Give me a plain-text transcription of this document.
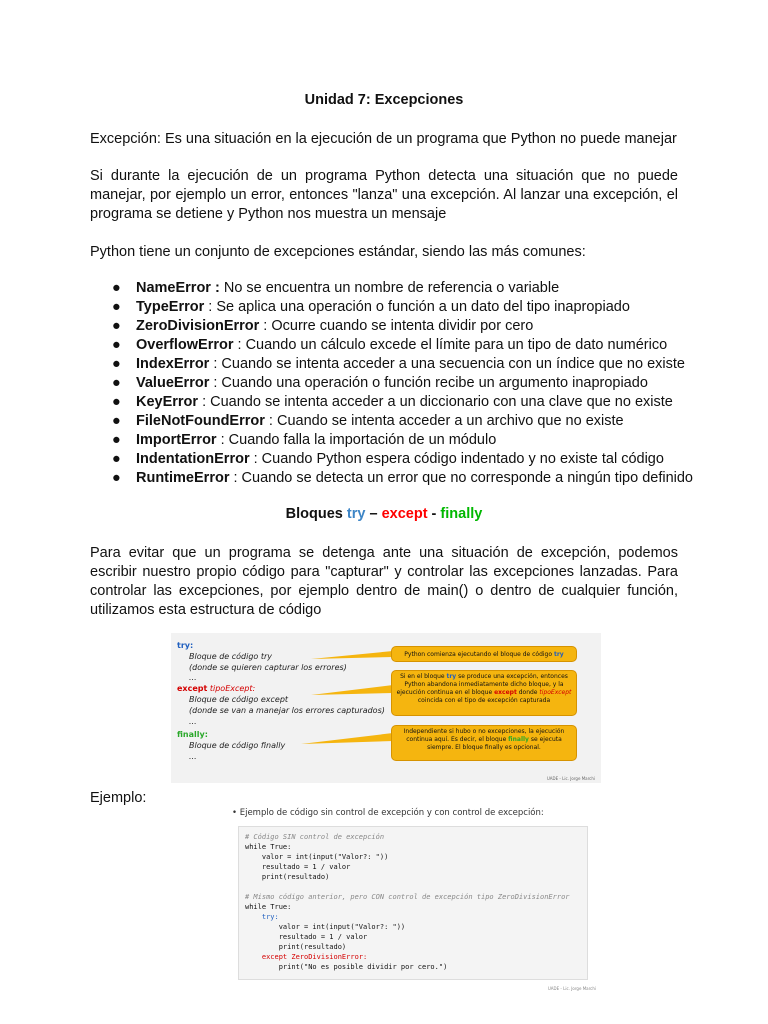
Unidad 7: Excepciones
Excepción: Es una situación en la ejecución de un programa que Python no puede manejar
Si durante la ejecución de un programa Python detecta una situación que no puede manejar, por ejemplo un error, entonces "lanza" una excepción. Al lanzar una excepción, el programa se detiene y Python nos muestra un mensaje
Python tiene un conjunto de excepciones estándar, siendo las más comunes:
● NameError : No se encuentra un nombre de referencia o variable
● TypeError : Se aplica una operación o función a un dato del tipo inapropiado
● ZeroDivisionError : Ocurre cuando se intenta dividir por cero
● OverflowError : Cuando un cálculo excede el límite para un tipo de dato numérico
● IndexError : Cuando se intenta acceder a una secuencia con un índice que no existe
● ValueError : Cuando una operación o función recibe un argumento inapropiado
● KeyError : Cuando se intenta acceder a un diccionario con una clave que no existe
● FileNotFoundError : Cuando se intenta acceder a un archivo que no existe
● ImportError : Cuando falla la importación de un módulo
● IndentationError : Cuando Python espera código indentado y no existe tal código
● RuntimeError : Cuando se detecta un error que no corresponde a ningún tipo definido
Bloques try – except - finally
Para evitar que un programa se detenga ante una situación de excepción, podemos escribir nuestro propio código para "capturar" y controlar las excepciones lanzadas. Para controlar las excepciones, por ejemplo dentro de main() o dentro de cualquier función, utilizamos esta estructura de código
try:
Bloque de código try
(donde se quieren capturar los errores)
...
except tipoExcept:
Bloque de código except
(donde se van a manejar los errores capturados)
...
finally:
Bloque de código finally
...
Python comienza ejecutando el bloque de código try
Si en el bloque try se produce una excepción, entonces Python abandona inmediatamente dicho bloque, y la ejecución continua en el bloque except donde tipoExcept coincida con el tipo de excepción capturada
Independiente si hubo o no excepciones, la ejecución continua aquí. Es decir, el bloque finally se ejecuta siempre. El bloque finally es opcional.
UADE - Lic. Jorge Marchi
Ejemplo:
• Ejemplo de código sin control de excepción y con control de excepción:
# Código SIN control de excepción
while True:
valor = int(input("Valor?: "))
resultado = 1 / valor
print(resultado)
# Mismo código anterior, pero CON control de excepción tipo ZeroDivisionError
while True:
try:
valor = int(input("Valor?: "))
resultado = 1 / valor
print(resultado)
except ZeroDivisionError:
print("No es posible dividir por cero.")
UADE - Lic. Jorge Marchi
